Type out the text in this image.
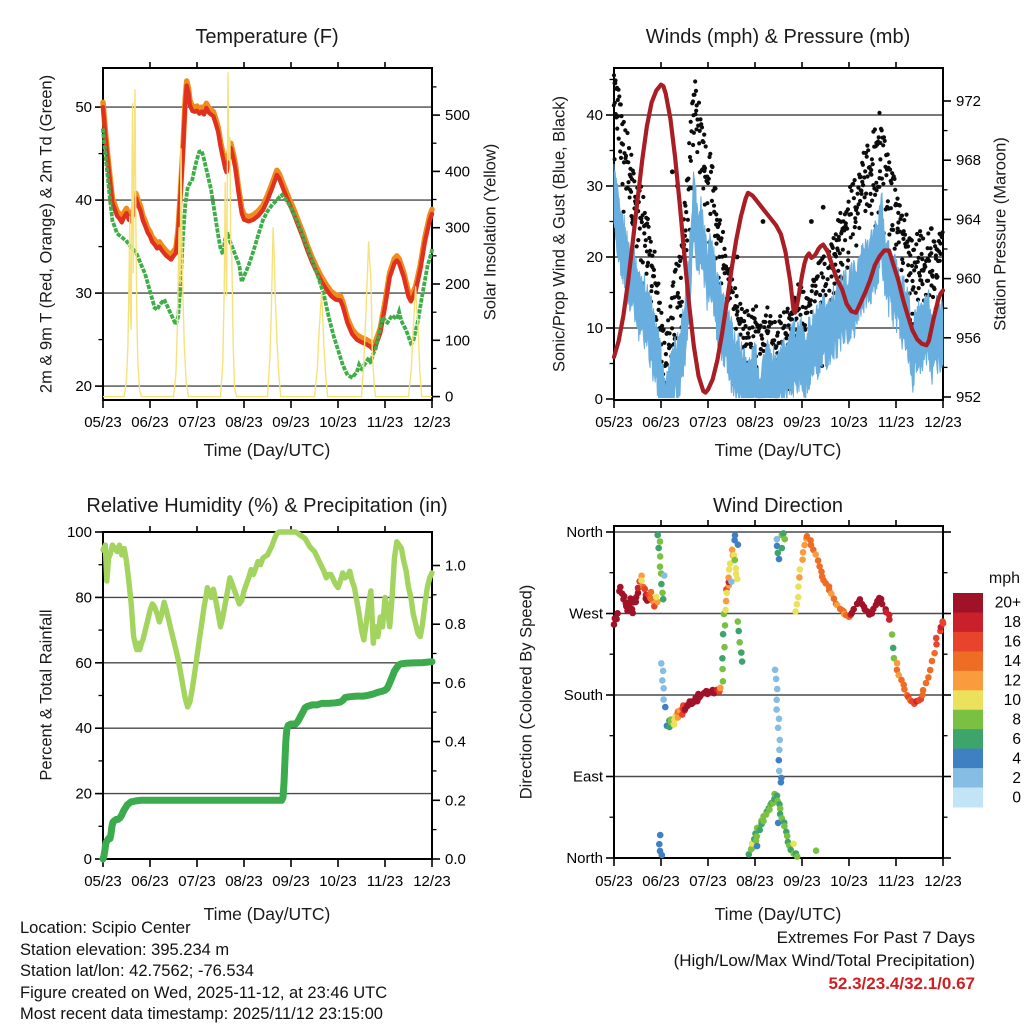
05/23 06/23 07/23 08/23 09/23 10/23 11/23 12/23
20
30
40
50
0
100
200
300
400
500
05/23 06/23 07/23 08/23 09/23 10/23 11/23 12/23
0
10
20
30
40
952
956
960
964
968
972
05/23 06/23 07/23 08/23 09/23 10/23 11/23 12/23
0
20
40
60
80
100
0.0
0.2
0.4
0.6
0.8
1.0
05/23 06/23 07/23 08/23 09/23 10/23 11/23 12/23
North
East
South
West
North
20+
18
16
14
12
10
8
6
4
2
0
Temperature (F)	Winds (mph) & Pressure (mb)
Relative Humidity (%) & Precipitation (in)	Wind Direction
2m & 9m T (Red, Orange) & 2m Td (Green)	Solar Insolation (Yellow)	Sonic/Prop Wind & Gust (Blue, Black)	Station Pressure (Maroon)
Percent & Total Rainfall	Direction (Colored By Speed)
Time (Day/UTC)	Time (Day/UTC)
Time (Day/UTC)	Time (Day/UTC)
mph
Location: Scipio Center
Station elevation: 395.234 m
Station lat/lon: 42.7562; -76.534
Figure created on Wed, 2025-11-12, at 23:46 UTC
Most recent data timestamp: 2025/11/12 23:15:00
Extremes For Past 7 Days
(High/Low/Max Wind/Total Precipitation)
52.3/23.4/32.1/0.67
